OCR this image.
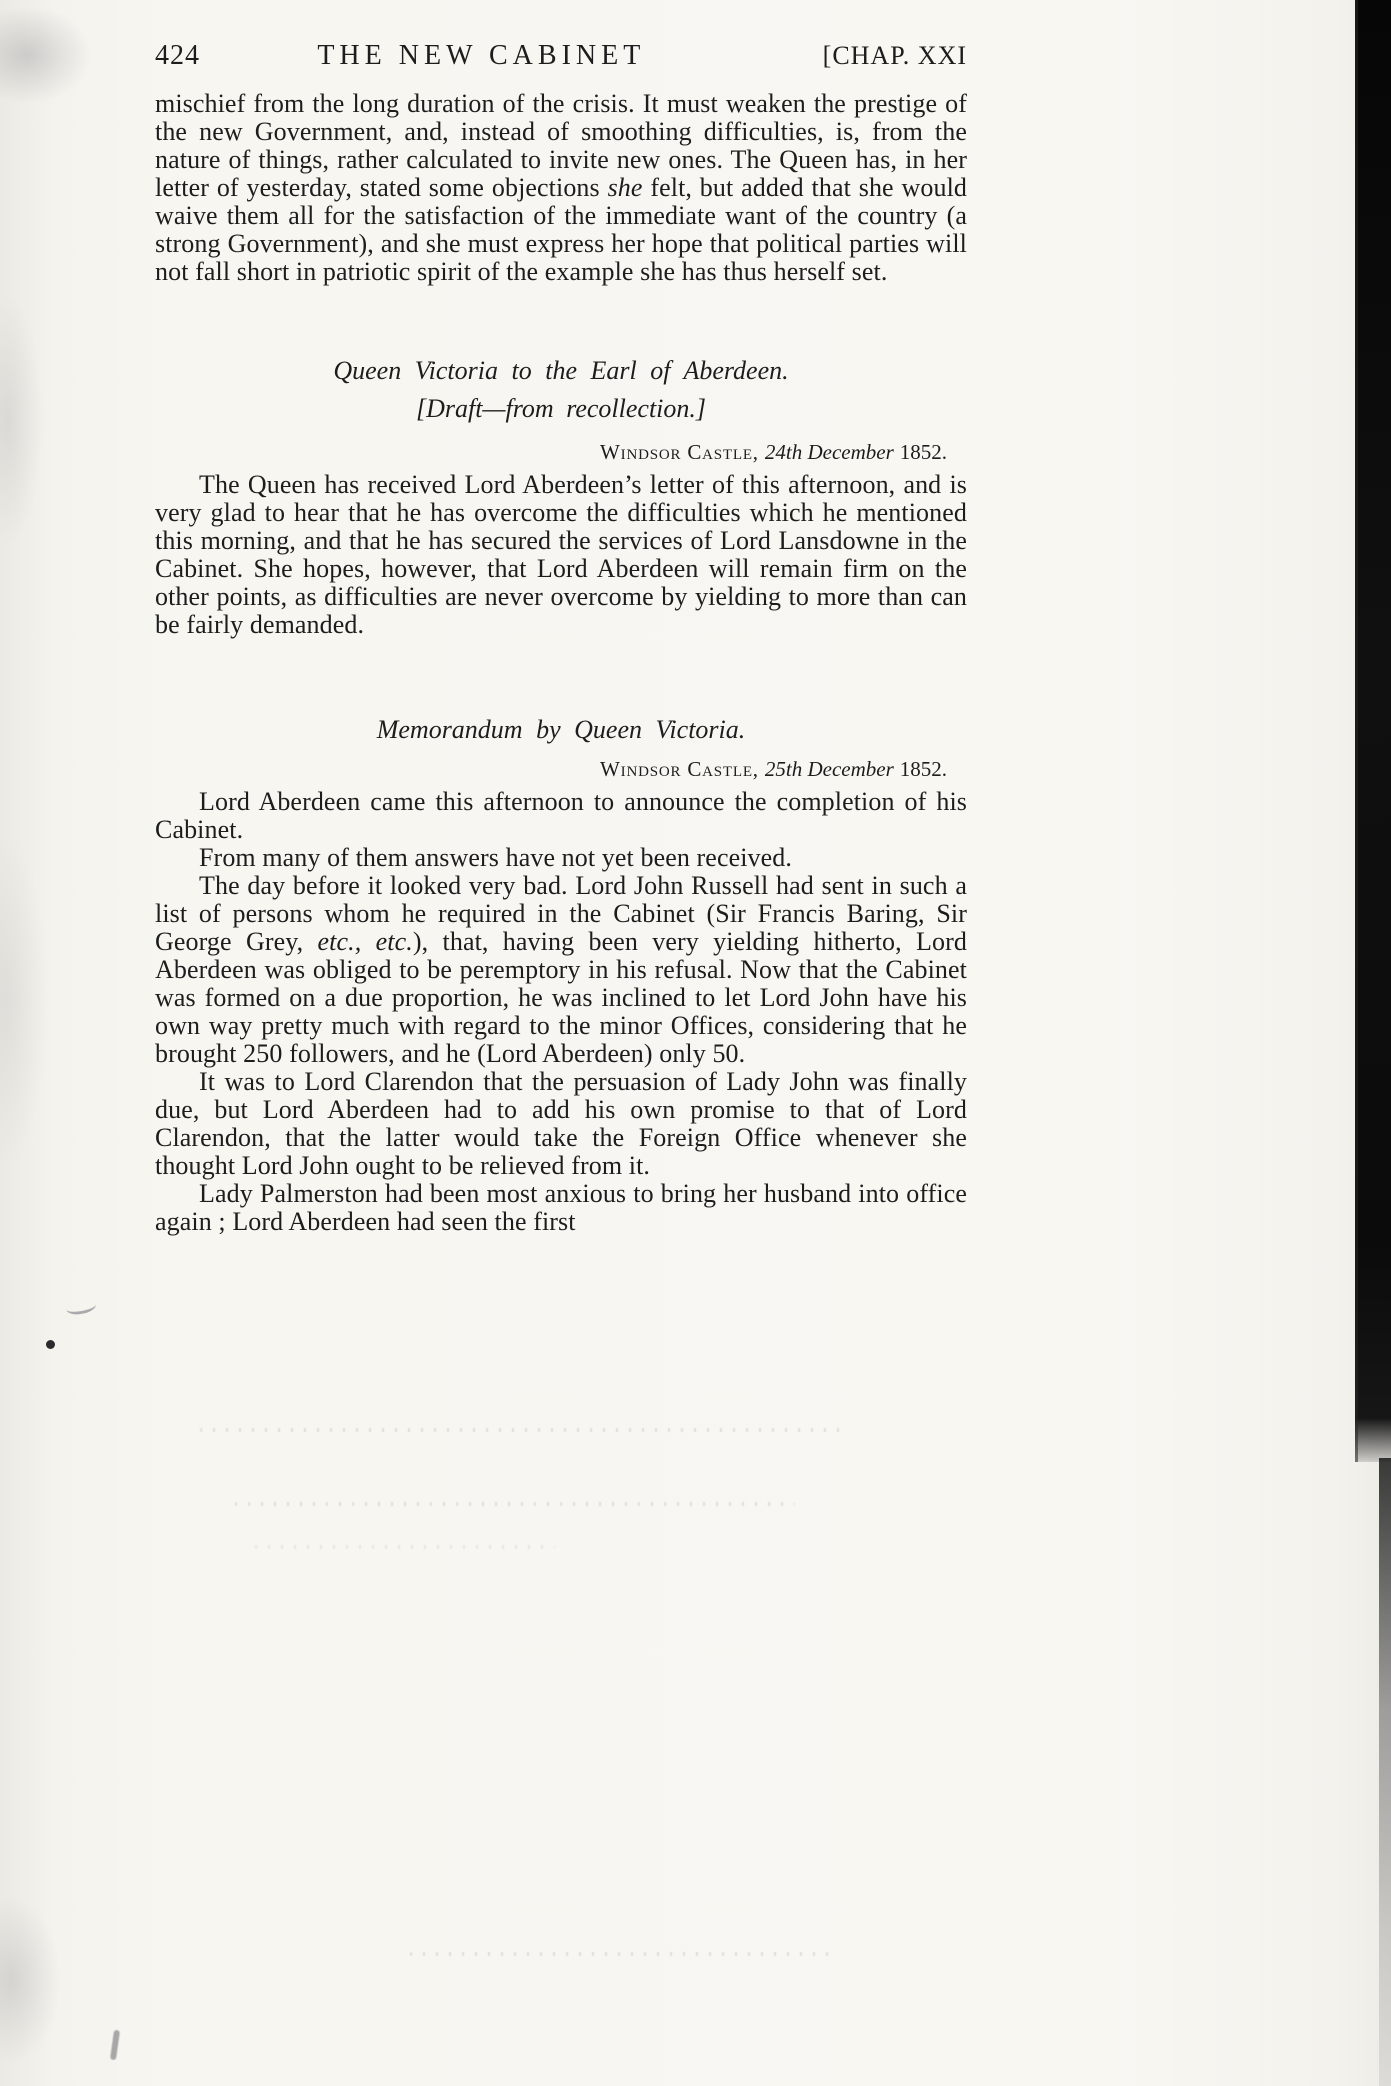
424	THE NEW CABINET	[CHAP. XXI

mischief from the long duration of the crisis. It must weaken the prestige of the new Government, and, instead of smoothing difficulties, is, from the nature of things, rather calculated to invite new ones. The Queen has, in her letter of yesterday, stated some objections she felt, but added that she would waive them all for the satisfaction of the immediate want of the country (a strong Government), and she must express her hope that political parties will not fall short in patriotic spirit of the example she has thus herself set.

Queen Victoria to the Earl of Aberdeen.
[Draft—from recollection.]
Windsor Castle, 24th December 1852.

The Queen has received Lord Aberdeen’s letter of this afternoon, and is very glad to hear that he has overcome the difficulties which he mentioned this morning, and that he has secured the services of Lord Lansdowne in the Cabinet. She hopes, however, that Lord Aberdeen will remain firm on the other points, as difficulties are never overcome by yielding to more than can be fairly demanded.

Memorandum by Queen Victoria.
Windsor Castle, 25th December 1852.

Lord Aberdeen came this afternoon to announce the completion of his Cabinet.

From many of them answers have not yet been received.

The day before it looked very bad. Lord John Russell had sent in such a list of persons whom he required in the Cabinet (Sir Francis Baring, Sir George Grey, etc., etc.), that, having been very yielding hitherto, Lord Aberdeen was obliged to be peremptory in his refusal. Now that the Cabinet was formed on a due proportion, he was inclined to let Lord John have his own way pretty much with regard to the minor Offices, considering that he brought 250 followers, and he (Lord Aberdeen) only 50.

It was to Lord Clarendon that the persuasion of Lady John was finally due, but Lord Aberdeen had to add his own promise to that of Lord Clarendon, that the latter would take the Foreign Office whenever she thought Lord John ought to be relieved from it.

Lady Palmerston had been most anxious to bring her husband into office again ; Lord Aberdeen had seen the first
